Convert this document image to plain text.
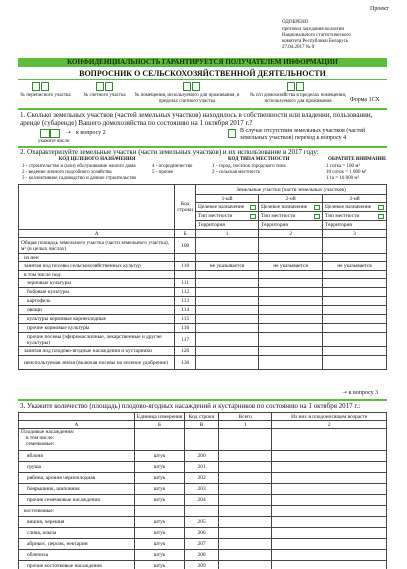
Проект
ОДОБРЕНО
протокол заседания коллегии
Национального статистического
комитета Республики Беларусь
27.04.2017 № 9
КОНФИДЕНЦИАЛЬНОСТЬ ГАРАНТИРУЕТСЯ ПОЛУЧАТЕЛЕМ ИНФОРМАЦИИ
ВОПРОСНИК О СЕЛЬСКОХОЗЯЙСТВЕННОЙ ДЕЯТЕЛЬНОСТИ
№ переписного участка	№ счетного участка	№ помещения, используемого для проживания, в пределах счетного участка
№ п/п домохозяйства в пределах помещения, используемого для проживания	Форма 1СХ
1. Сколько земельных участков (частей земельных участков) находилось в собственности или владении, пользовании, аренде (субаренде) Вашего домохозяйства по состоянию на 1 октября 2017 г.?
➝ к вопросу 2
укажите число
В случае отсутствия земельных участков (частей земельных участков) переход к вопросу 4
2. Охарактеризуйте земельные участки (части земельных участков) и их использование в 2017 году:
КОД ЦЕЛЕВОГО НАЗНАЧЕНИЯ
1 - строительство и (или) обслуживание жилого дома
2 - ведение личного подсобного хозяйства
3 - коллективное садоводство и дачное строительство
4 - огородничество
5 - прочее
КОД ТИПА МЕСТНОСТИ
1 - город, поселок городского типа
2 - сельская местность
ОБРАТИТЕ ВНИМАНИЕ
1 сотка = 100 м²
10 соток = 1 000 м²
1 га = 10 000 м²
	Код строки	Земельные участки (части земельных участков)		
		1-ый	2-ой	3-ий
		Целевое назначение	Целевое назначение	Целевое назначение

		Тип местности	Тип местности	Тип местности

		Территория	Территория	Территория
А	Б	1	2	3
Общая площадь земельного участка (части земельного участка), м² (в целых числах)	100			
из нее:				
занятая под посевы сельскохозяйственных культур	110	не указывается	не указывается	не указывается
в том числе под:				
зерновые культуры	111			
бобовые культуры	112			
картофель	113			
овощи	114			
культуры кормовые корнеплодные	115			
прочие кормовые культуры	116			
прочие посевы (эфиромасличные, лекарственные и другие культуры)	117			
занятая под плодово-ягодные насаждения и кустарники	120			
неиспользуемая земля (включая посевы на зеленое удобрение)	130			
➝ к вопросу 3
3. Укажите количество (площадь) плодово-ягодных насаждений и кустарников по состоянию на 1 октября 2017 г.:
	Единица измерения	Код строки	Всего	Из них в плодоносящем возрасте
А	Б	В	1	2

Плодовые насаждения:
в том числе:
семечковые:				

яблоня	штук	200		
груша	штук	201		
рябина, арония черноплодная	штук	202		
боярышник, шиповник	штук	203		
прочие семечковые насаждения	штук	204		
косточковые:				
вишня, черешня	штук	205		
слива, алыча	штук	206		
абрикос, персик, нектарин	штук	207		
облепиха	штук	208		
прочие косточковые насаждения	штук	209		
